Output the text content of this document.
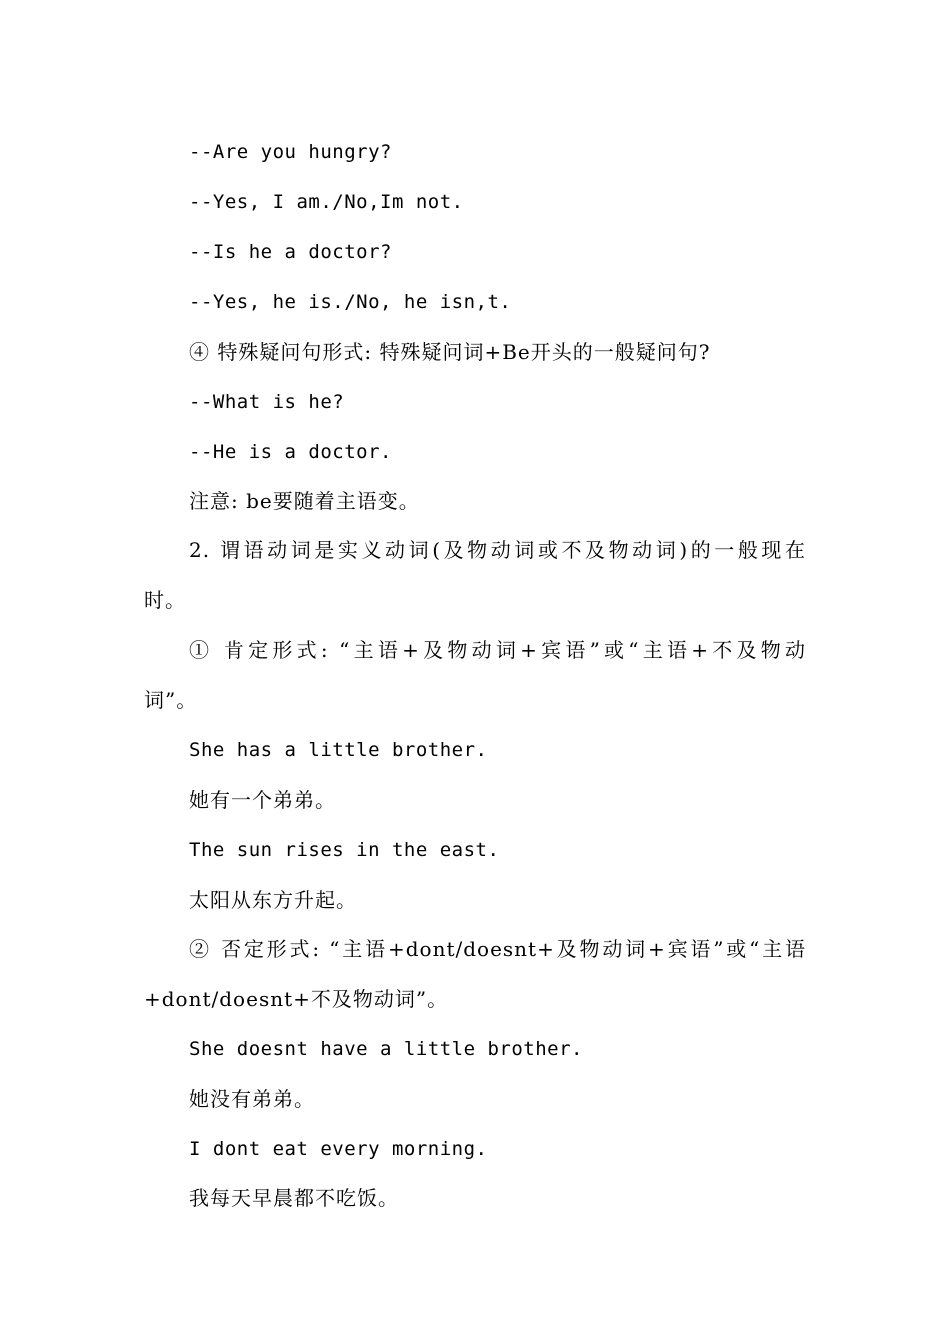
--Are you hungry?
--Yes, I am./No,Im not.
--Is he a doctor?
--Yes, he is./No, he isn,t.
④ 特殊疑问句形式: 特殊疑问词+Be开头的一般疑问句?
--What is he?
--He is a doctor.
注意: be要随着主语变。
2. 谓语动词是实义动词(及物动词或不及物动词)的一般现在
时。
① 肯定形式: “主语+及物动词+宾语”或“主语+不及物动
词”。
She has a little brother.
她有一个弟弟。
The sun rises in the east.
太阳从东方升起。
② 否定形式: “主语+dont/doesnt+及物动词+宾语”或“主语
+dont/doesnt+不及物动词”。
She doesnt have a little brother.
她没有弟弟。
I dont eat every morning.
我每天早晨都不吃饭。
